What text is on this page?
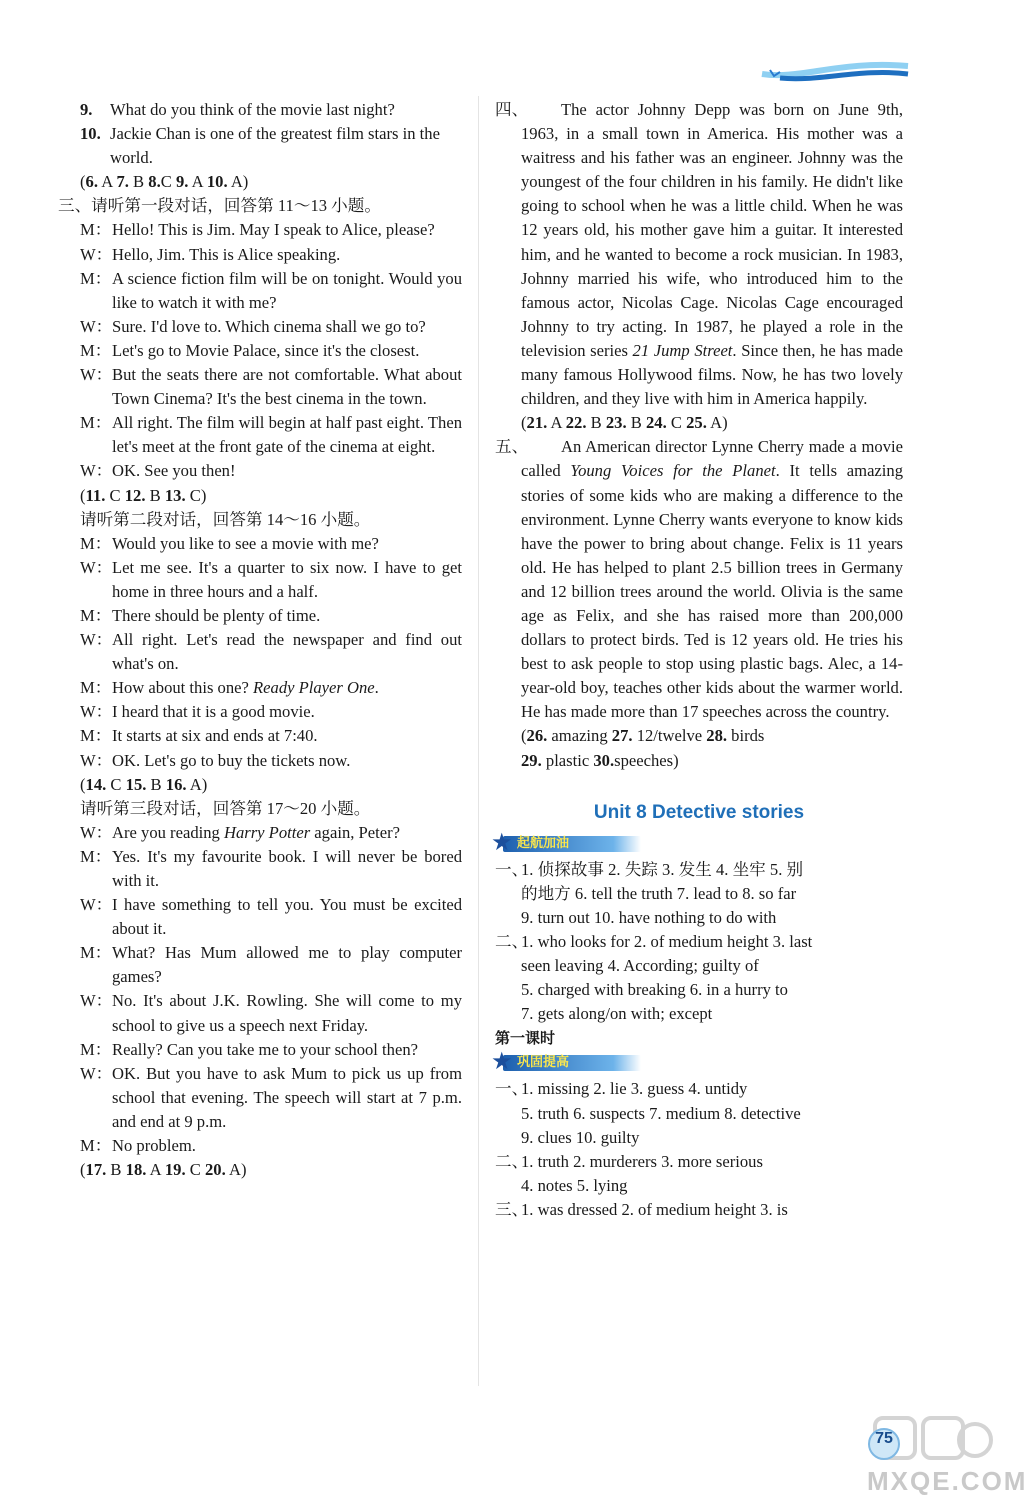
9.	What do you think of the movie last night?
10. Jackie Chan is one of the greatest film stars in the world.
(6. A 7. B 8.C 9. A 10. A)
三、请听第一段对话，回答第 11～13 小题。
M： Hello! This is Jim. May I speak to Alice, please?
W： Hello, Jim. This is Alice speaking.
M： A science fiction film will be on tonight. Would you like to watch it with me?
W： Sure. I'd love to. Which cinema shall we go to?
M： Let's go to Movie Palace, since it's the closest.
W： But the seats there are not comfortable. What about Town Cinema? It's the best cinema in the town.
M： All right. The film will begin at half past eight. Then let's meet at the front gate of the cinema at eight.
W： OK. See you then!
(11. C 12. B 13. C)
请听第二段对话，回答第 14～16 小题。
M： Would you like to see a movie with me?
W： Let me see. It's a quarter to six now. I have to get home in three hours and a half.
M： There should be plenty of time.
W： All right. Let's read the newspaper and find out what's on.
M： How about this one? Ready Player One.
W： I heard that it is a good movie.
M： It starts at six and ends at 7:40.
W： OK. Let's go to buy the tickets now.
(14. C 15. B 16. A)
请听第三段对话，回答第 17～20 小题。
W： Are you reading Harry Potter again, Peter?
M： Yes. It's my favourite book. I will never be bored with it.
W： I have something to tell you. You must be excited about it.
M： What? Has Mum allowed me to play computer games?
W： No. It's about J.K. Rowling. She will come to my school to give us a speech next Friday.
M： Really? Can you take me to your school then?
W： OK. But you have to ask Mum to pick us up from school that evening. The speech will start at 7 p.m. and end at 9 p.m.
M： No problem.
(17. B 18. A 19. C 20. A)
四、	The actor Johnny Depp was born on June 9th, 1963, in a small town in America. His mother was a waitress and his father was an engineer. Johnny was the youngest of the four children in his family. He didn't like going to school when he was a little child. When he was 12 years old, his mother gave him a guitar. It interested him, and he wanted to become a rock musician. In 1983, Johnny married his wife, who introduced him to the famous actor, Nicolas Cage. Nicolas Cage encouraged Johnny to try acting. In 1987, he played a role in the television series 21 Jump Street. Since then, he has made many famous Hollywood films. Now, he has two lovely children, and they live with him in America happily.
(21. A 22. B 23. B 24. C 25. A)
五、	An American director Lynne Cherry made a movie called Young Voices for the Planet. It tells amazing stories of some kids who are making a difference to the environment. Lynne Cherry wants everyone to know kids have the power to bring about change. Felix is 11 years old. He has helped to plant 2.5 billion trees in Germany and 12 billion trees around the world. Olivia is the same age as Felix, and she has raised more than 200,000 dollars to protect birds. Ted is 12 years old. He tries his best to ask people to stop using plastic bags. Alec, a 14-year-old boy, teaches other kids about the warmer world. He has made more than 17 speeches across the country.
(26. amazing 27. 12/twelve 28. birds
29. plastic 30.speeches)
Unit 8 Detective stories
★ 起航加油
一、
1. 侦探故事 2. 失踪 3. 发生 4. 坐牢 5. 别
的地方 6. tell the truth 7. lead to 8. so far
9. turn out 10. have nothing to do with
二、
1. who looks for 2. of medium height 3. last
seen leaving 4. According; guilty of
5. charged with breaking 6. in a hurry to
7. gets along/on with; except
第一课时
★ 巩固提高
一、
1. missing 2. lie 3. guess 4. untidy
5. truth 6. suspects 7. medium 8. detective
9. clues 10. guilty
二、
1. truth 2. murderers 3. more serious
4. notes 5. lying
三、
1. was dressed 2. of medium height 3. is
MXQE.COM
75
